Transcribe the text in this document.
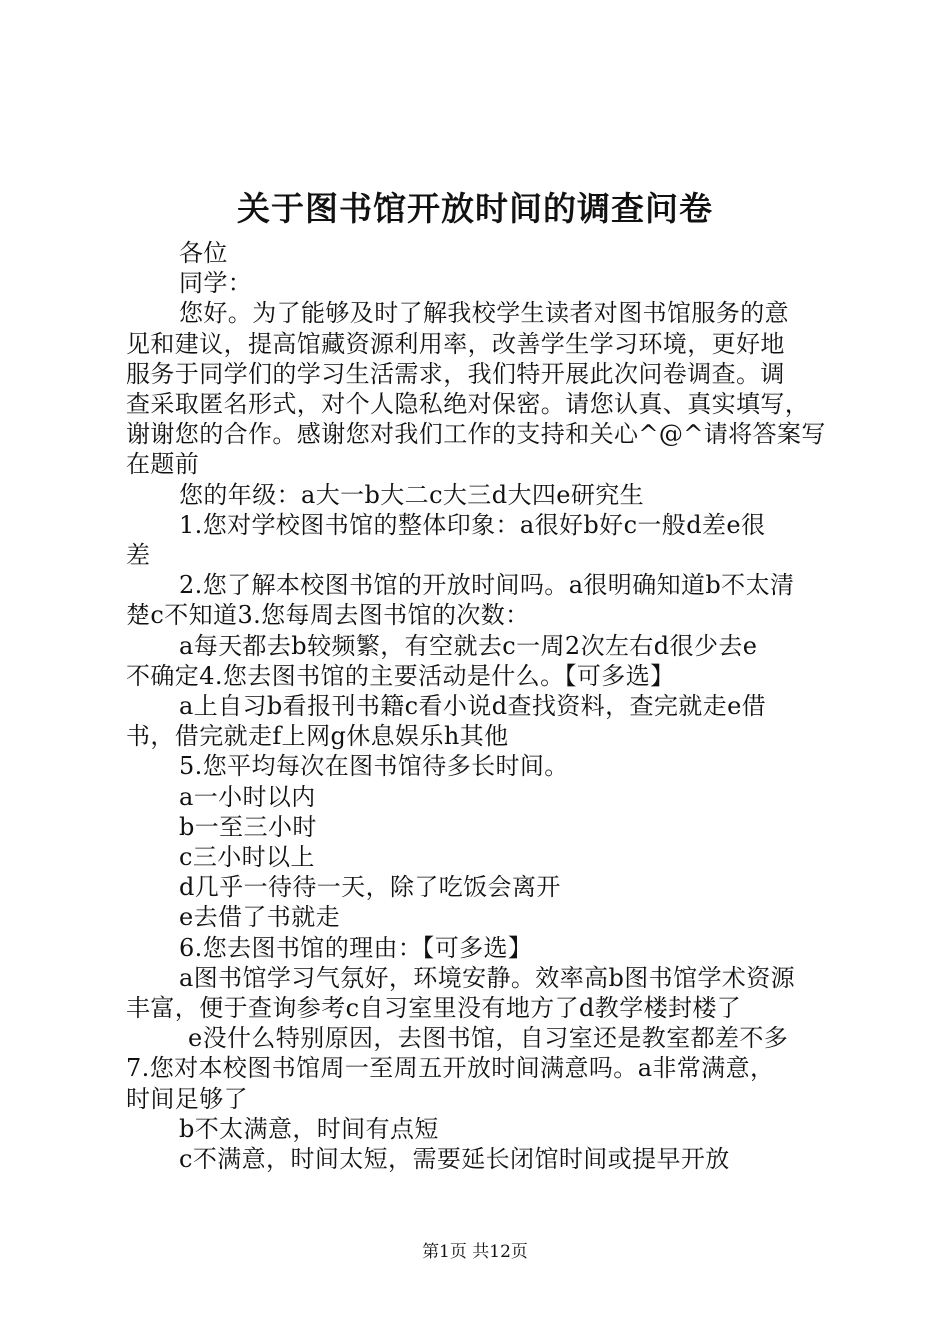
关于图书馆开放时间的调查问卷
各位
同学：
您好。为了能够及时了解我校学生读者对图书馆服务的意
见和建议，提高馆藏资源利用率，改善学生学习环境，更好地
服务于同学们的学习生活需求，我们特开展此次问卷调查。调
查采取匿名形式，对个人隐私绝对保密。请您认真、真实填写，
谢谢您的合作。感谢您对我们工作的支持和关心^@^请将答案写
在题前
您的年级：a大一b大二c大三d大四e研究生
1.您对学校图书馆的整体印象：a很好b好c一般d差e很
差
2.您了解本校图书馆的开放时间吗。a很明确知道b不太清
楚c不知道3.您每周去图书馆的次数：
a每天都去b较频繁，有空就去c一周2次左右d很少去e
不确定4.您去图书馆的主要活动是什么。【可多选】
a上自习b看报刊书籍c看小说d查找资料，查完就走e借
书，借完就走f上网g休息娱乐h其他
5.您平均每次在图书馆待多长时间。
a一小时以内
b一至三小时
c三小时以上
d几乎一待待一天，除了吃饭会离开
e去借了书就走
6.您去图书馆的理由：【可多选】
a图书馆学习气氛好，环境安静。效率高b图书馆学术资源
丰富，便于查询参考c自习室里没有地方了d教学楼封楼了
e没什么特别原因，去图书馆，自习室还是教室都差不多
7.您对本校图书馆周一至周五开放时间满意吗。a非常满意，
时间足够了
b不太满意，时间有点短
c不满意，时间太短，需要延长闭馆时间或提早开放
第1页 共12页
